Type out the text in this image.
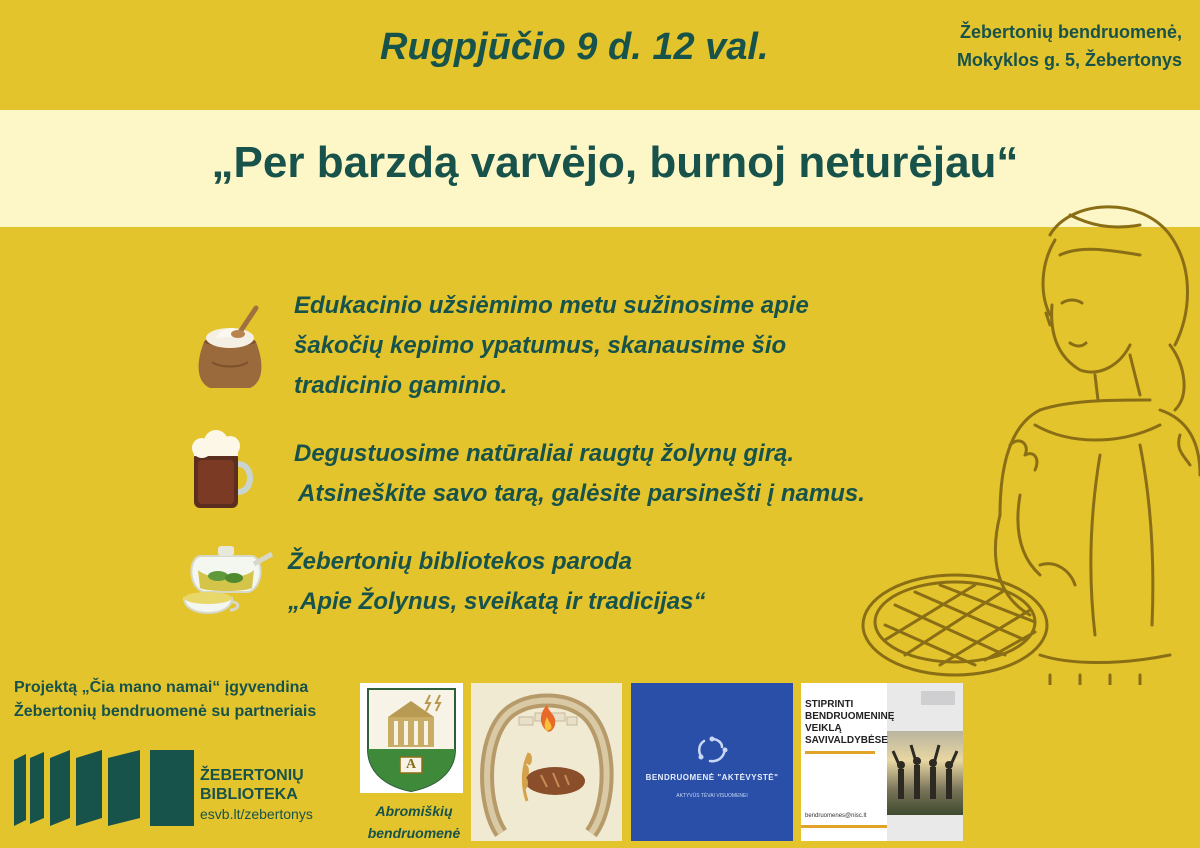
Rugpjūčio 9 d. 12 val.	Žebertonių bendruomenė,
Mokyklos g. 5, Žebertonys
„Per barzdą varvėjo, burnoj neturėjau“
Edukacinio užsiėmimo metu sužinosime apie
šakočių kepimo ypatumus, skanausime šio
tradicinio gaminio.
Degustuosime natūraliai raugtų žolynų girą.
Atsineškite savo tarą, galėsite parsinešti į namus.
Žebertonių bibliotekos paroda
„Apie Žolynus, sveikatą ir tradicijas“
Projektą „Čia mano namai“ įgyvendina
Žebertonių bendruomenė su partneriais
ŽEBERTONIŲ
BIBLIOTEKA
esvb.lt/zebertonys
A
Abromiškių
bendruomenė
BENDRUOMENĖ "AKTĖVYSTĖ"
AKTYVŪS TĖVAI VISUOMENEI
STIPRINTI
BENDRUOMENINĘ
VEIKLĄ
SAVIVALDYBĖSE
bendruomenes@nisc.lt
